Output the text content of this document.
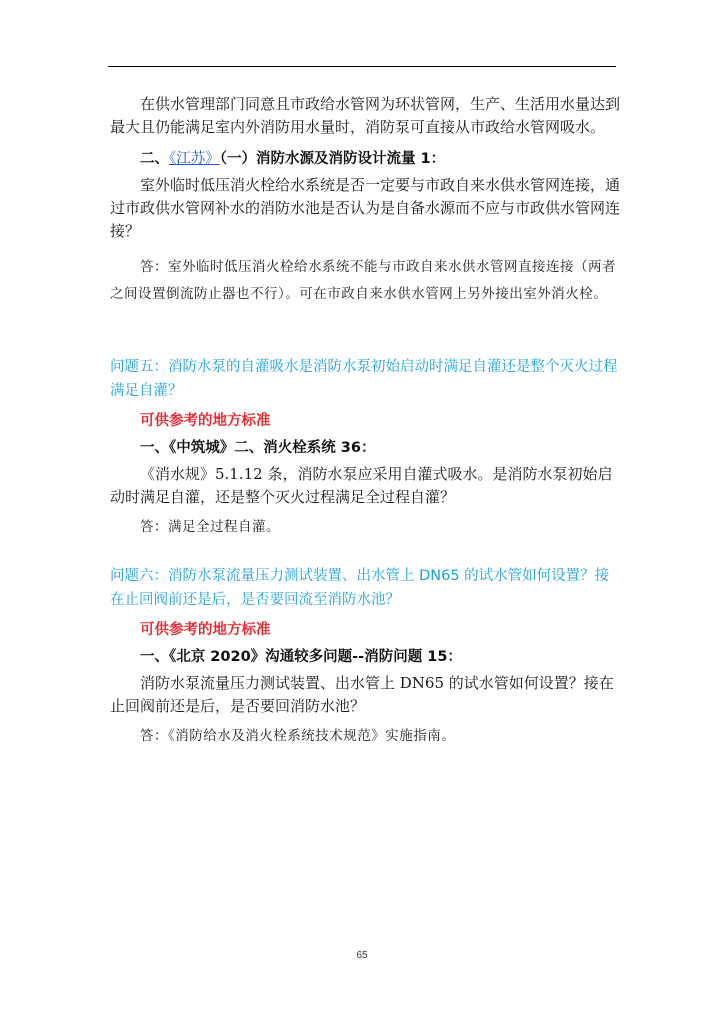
在供水管理部门同意且市政给水管网为环状管网，生产、生活用水量达到最大且仍能满足室内外消防用水量时，消防泵可直接从市政给水管网吸水。

二、《江苏》（一）消防水源及消防设计流量 1：

室外临时低压消火栓给水系统是否一定要与市政自来水供水管网连接，通过市政供水管网补水的消防水池是否认为是自备水源而不应与市政供水管网连接？

答：室外临时低压消火栓给水系统不能与市政自来水供水管网直接连接（两者之间设置倒流防止器也不行）。可在市政自来水供水管网上另外接出室外消火栓。

问题五：消防水泵的自灌吸水是消防水泵初始启动时满足自灌还是整个灭火过程满足自灌？

可供参考的地方标准

一、《中筑城》二、消火栓系统 36：

《消水规》5.1.12 条，消防水泵应采用自灌式吸水。是消防水泵初始启动时满足自灌，还是整个灭火过程满足全过程自灌？

答：满足全过程自灌。

问题六：消防水泵流量压力测试装置、出水管上 DN65 的试水管如何设置？接在止回阀前还是后，是否要回流至消防水池？

可供参考的地方标准

一、《北京 2020》沟通较多问题--消防问题 15：

消防水泵流量压力测试装置、出水管上 DN65 的试水管如何设置？接在止回阀前还是后，是否要回消防水池？

答：《消防给水及消火栓系统技术规范》实施指南。

65
